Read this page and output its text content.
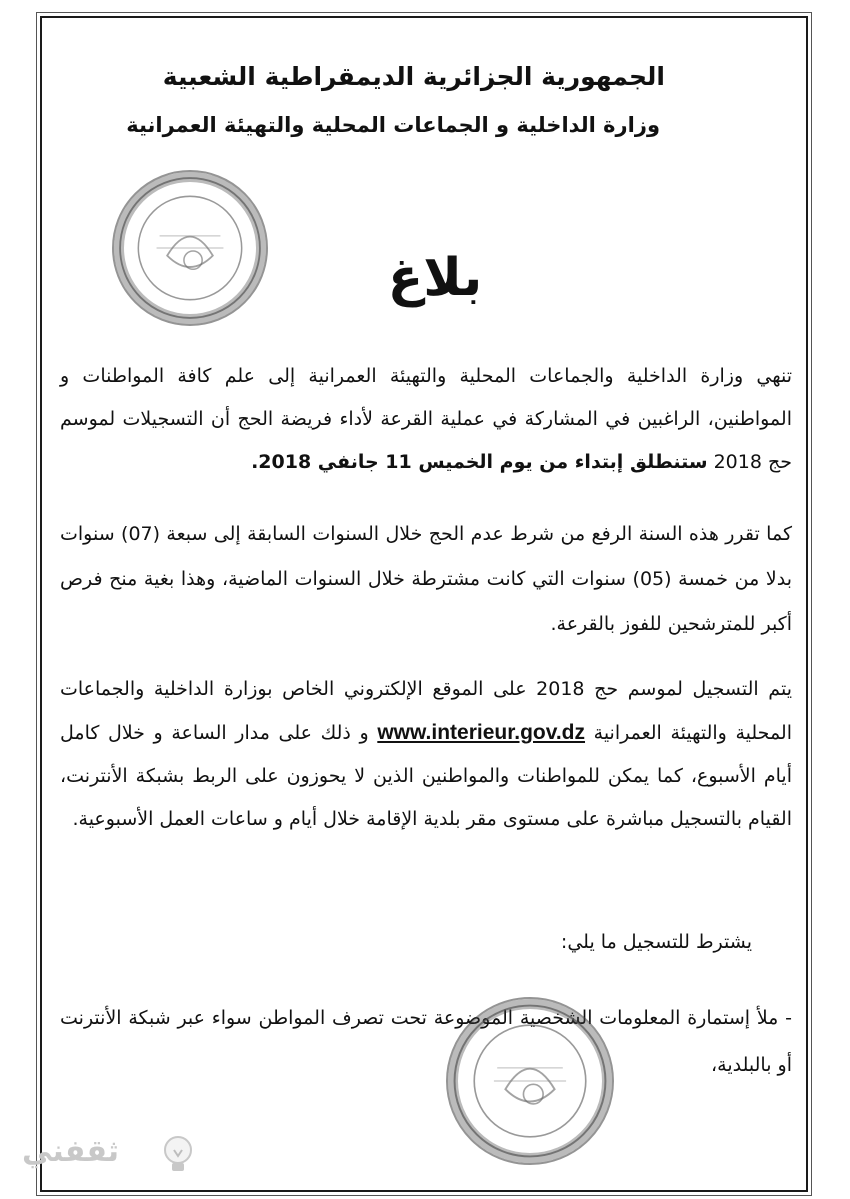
الجمهورية الجزائرية الديمقراطية الشعبية
وزارة الداخلية و الجماعات المحلية والتهيئة العمرانية
بلاغ
تنهي وزارة الداخلية والجماعات المحلية والتهيئة العمرانية إلى علم كافة المواطنات و المواطنين، الراغبين في المشاركة في عملية القرعة لأداء فريضة الحج أن التسجيلات لموسم حج 2018 ستنطلق إبتداء من يوم الخميس 11 جانفي 2018.
كما تقرر هذه السنة الرفع من شرط عدم الحج خلال السنوات السابقة إلى سبعة (07) سنوات بدلا من خمسة (05) سنوات التي كانت مشترطة خلال السنوات الماضية، وهذا بغية منح فرص أكبر للمترشحين للفوز بالقرعة.
يتم التسجيل لموسم حج 2018 على الموقع الإلكتروني الخاص بوزارة الداخلية والجماعات المحلية والتهيئة العمرانية www.interieur.gov.dz و ذلك على مدار الساعة و خلال كامل أيام الأسبوع، كما يمكن للمواطنات والمواطنين الذين لا يحوزون على الربط بشبكة الأنترنت، القيام بالتسجيل مباشرة على مستوى مقر بلدية الإقامة خلال أيام و ساعات العمل الأسبوعية.
يشترط للتسجيل ما يلي:
- ملأ إستمارة المعلومات الشخصية الموضوعة تحت تصرف المواطن سواء عبر شبكة الأنترنت أو بالبلدية،
ثقفني
